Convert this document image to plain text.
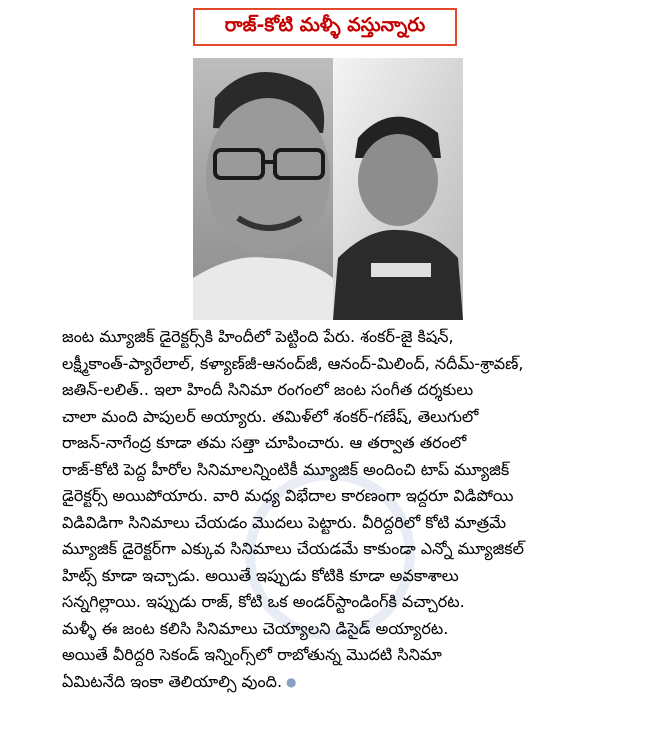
రాజ్-కోటి మళ్ళీ వస్తున్నారు

జంట మ్యూజిక్ డైరెక్టర్స్‌కి హిందీలో పెట్టింది పేరు. శంకర్-జై కిషన్,

లక్ష్మీకాంత్-ప్యారేలాల్, కళ్యాణ్‌జీ-ఆనంద్‌జీ, ఆనంద్-మిలింద్, నదీమ్-శ్రావణ్,

జతిన్-లలిత్.. ఇలా హిందీ సినిమా రంగంలో జంట సంగీత దర్శకులు

చాలా మంది పాపులర్ అయ్యారు. తమిళ్‌లో శంకర్-గణేష్, తెలుగులో

రాజన్-నాగేంద్ర కూడా తమ సత్తా చూపించారు. ఆ తర్వాత తరంలో

రాజ్-కోటి పెద్ద హీరోల సినిమాలన్నింటికీ మ్యూజిక్ అందించి టాప్ మ్యూజిక్

డైరెక్టర్స్ అయిపోయారు. వారి మధ్య విభేదాల కారణంగా ఇద్దరూ విడిపోయి

విడివిడిగా సినిమాలు చేయడం మొదలు పెట్టారు. వీరిద్దరిలో కోటి మాత్రమే

మ్యూజిక్ డైరెక్టర్‌గా ఎక్కువ సినిమాలు చేయడమే కాకుండా ఎన్నో మ్యూజికల్

హిట్స్ కూడా ఇచ్చాడు. అయితే ఇప్పుడు కోటికి కూడా అవకాశాలు

సన్నగిల్లాయి. ఇప్పుడు రాజ్, కోటి ఒక అండర్‌స్టాండింగ్‌కి వచ్చారట.

మళ్ళీ ఈ జంట కలిసి సినిమాలు చెయ్యాలని డిసైడ్ అయ్యారట.

అయితే వీరిద్దరి సెకండ్ ఇన్నింగ్స్‌లో రాబోతున్న మొదటి సినిమా

ఏమిటనేది ఇంకా తెలియాల్సి వుంది. ●
